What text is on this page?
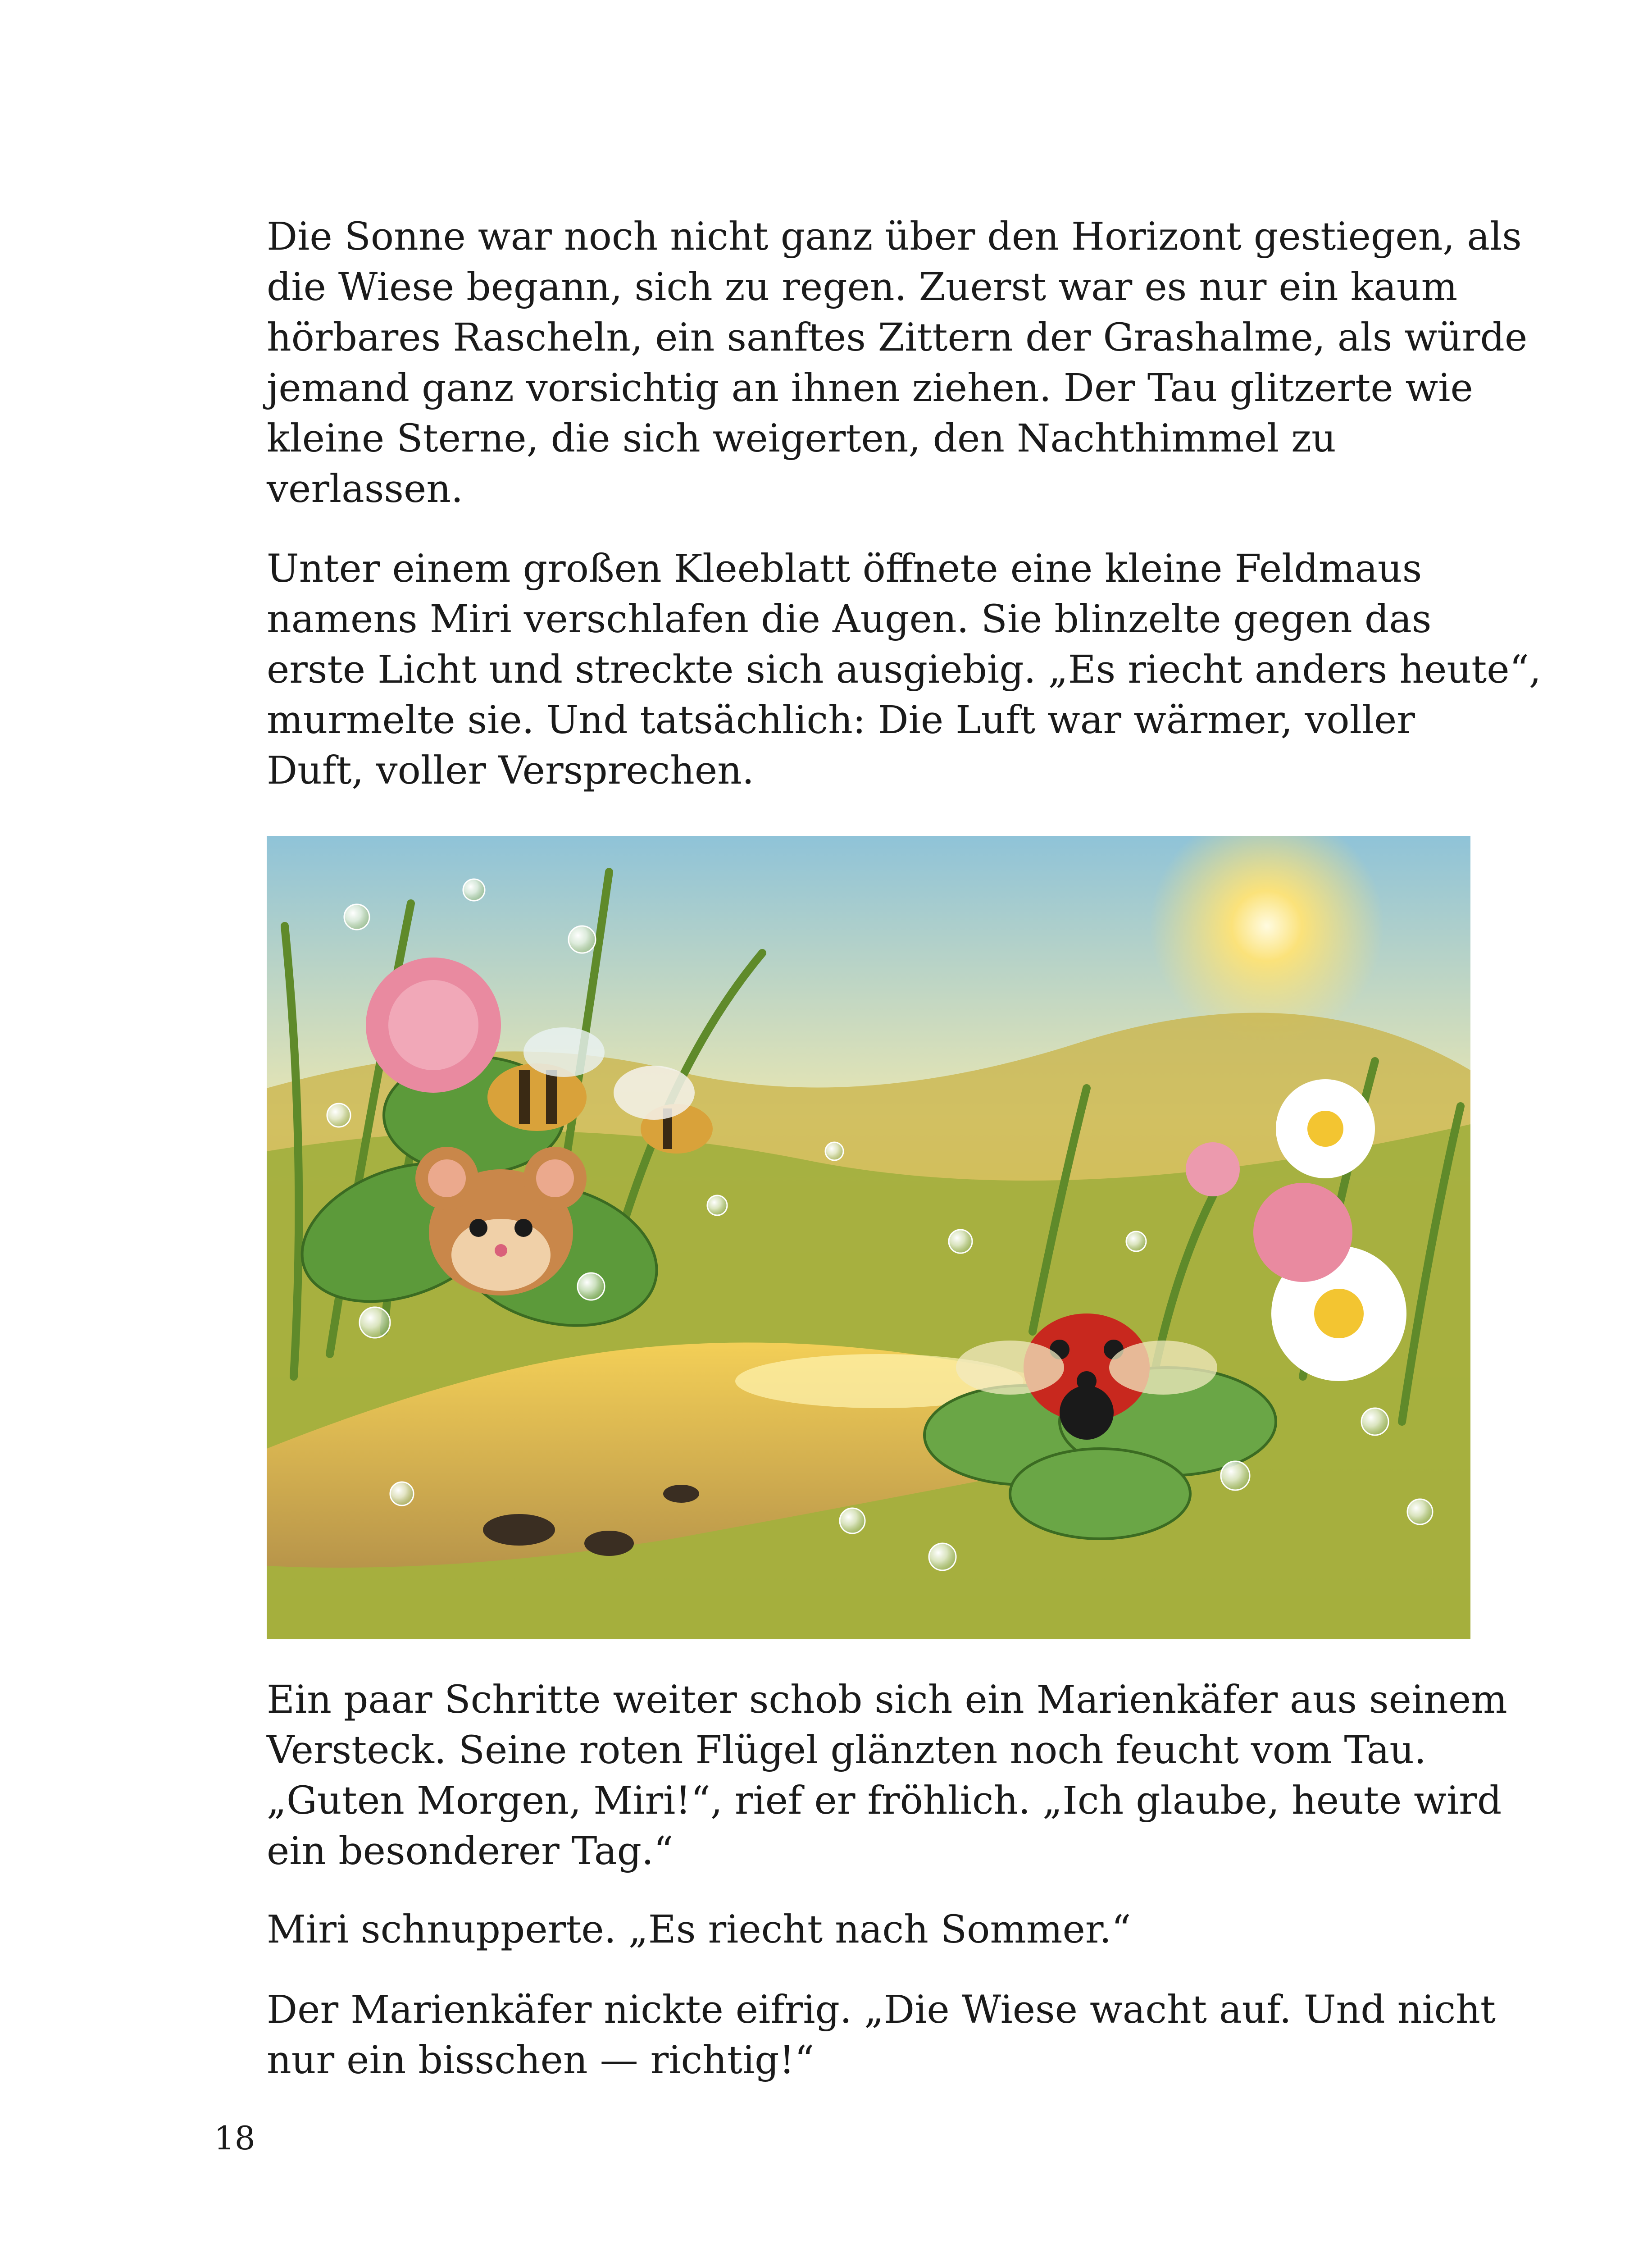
Die Sonne war noch nicht ganz über den Horizont gestiegen, als
die Wiese begann, sich zu regen. Zuerst war es nur ein kaum
hörbares Rascheln, ein sanftes Zittern der Grashalme, als würde
jemand ganz vorsichtig an ihnen ziehen. Der Tau glitzerte wie
kleine Sterne, die sich weigerten, den Nachthimmel zu
verlassen.

Unter einem großen Kleeblatt öffnete eine kleine Feldmaus
namens Miri verschlafen die Augen. Sie blinzelte gegen das
erste Licht und streckte sich ausgiebig. „Es riecht anders heute“,
murmelte sie. Und tatsächlich: Die Luft war wärmer, voller
Duft, voller Versprechen.

Ein paar Schritte weiter schob sich ein Marienkäfer aus seinem
Versteck. Seine roten Flügel glänzten noch feucht vom Tau.
„Guten Morgen, Miri!“, rief er fröhlich. „Ich glaube, heute wird
ein besonderer Tag.“

Miri schnupperte. „Es riecht nach Sommer.“

Der Marienkäfer nickte eifrig. „Die Wiese wacht auf. Und nicht
nur ein bisschen — richtig!“

18
